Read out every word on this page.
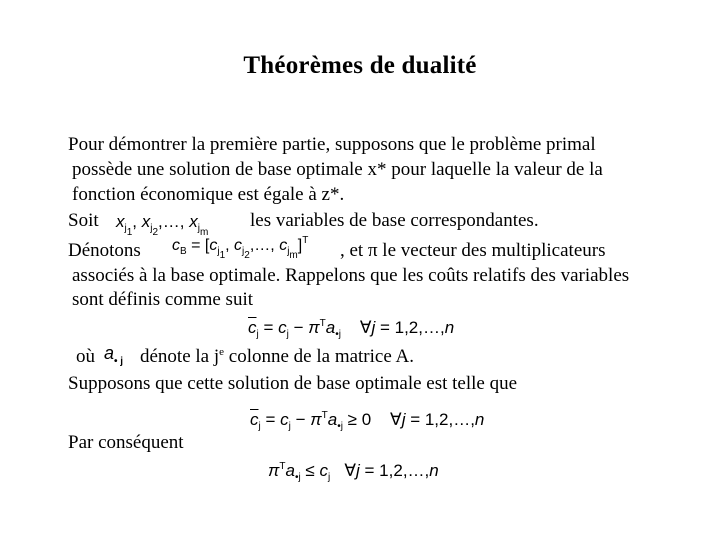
Théorèmes de dualité
Pour démontrer la première partie, supposons que le problème primal
possède une solution de base optimale x* pour laquelle la valeur de la
fonction économique est égale à z*.
Soit $x_{j_1}$, $x_{j_2},\dots$, $x_{j_m}$
les variables de base correspondantes.
Dénotons $c_B = [c_{j_1}$, $c_{j_2},\dots$, $c_{j_m}]^T$ , et π le vecteur des multiplicateurs
associés à la base optimale. Rappelons que les coûts relatifs des variables
sont définis comme suit
$\overline{c}_j = c_j - \pi^Ta_{•j}$    ∀j = 1,2,…,n
où $a_{• j}$ dénote la $j^e$ colonne de la matrice A.
Supposons que cette solution de base optimale est telle que
$\overline{c}_j = c_j - \pi^Ta_{•j} \ge 0$    ∀j = 1,2,…,n
Par conséquent
$\pi^Ta_{•j} \le c_j$   ∀j = 1,2,…,n
